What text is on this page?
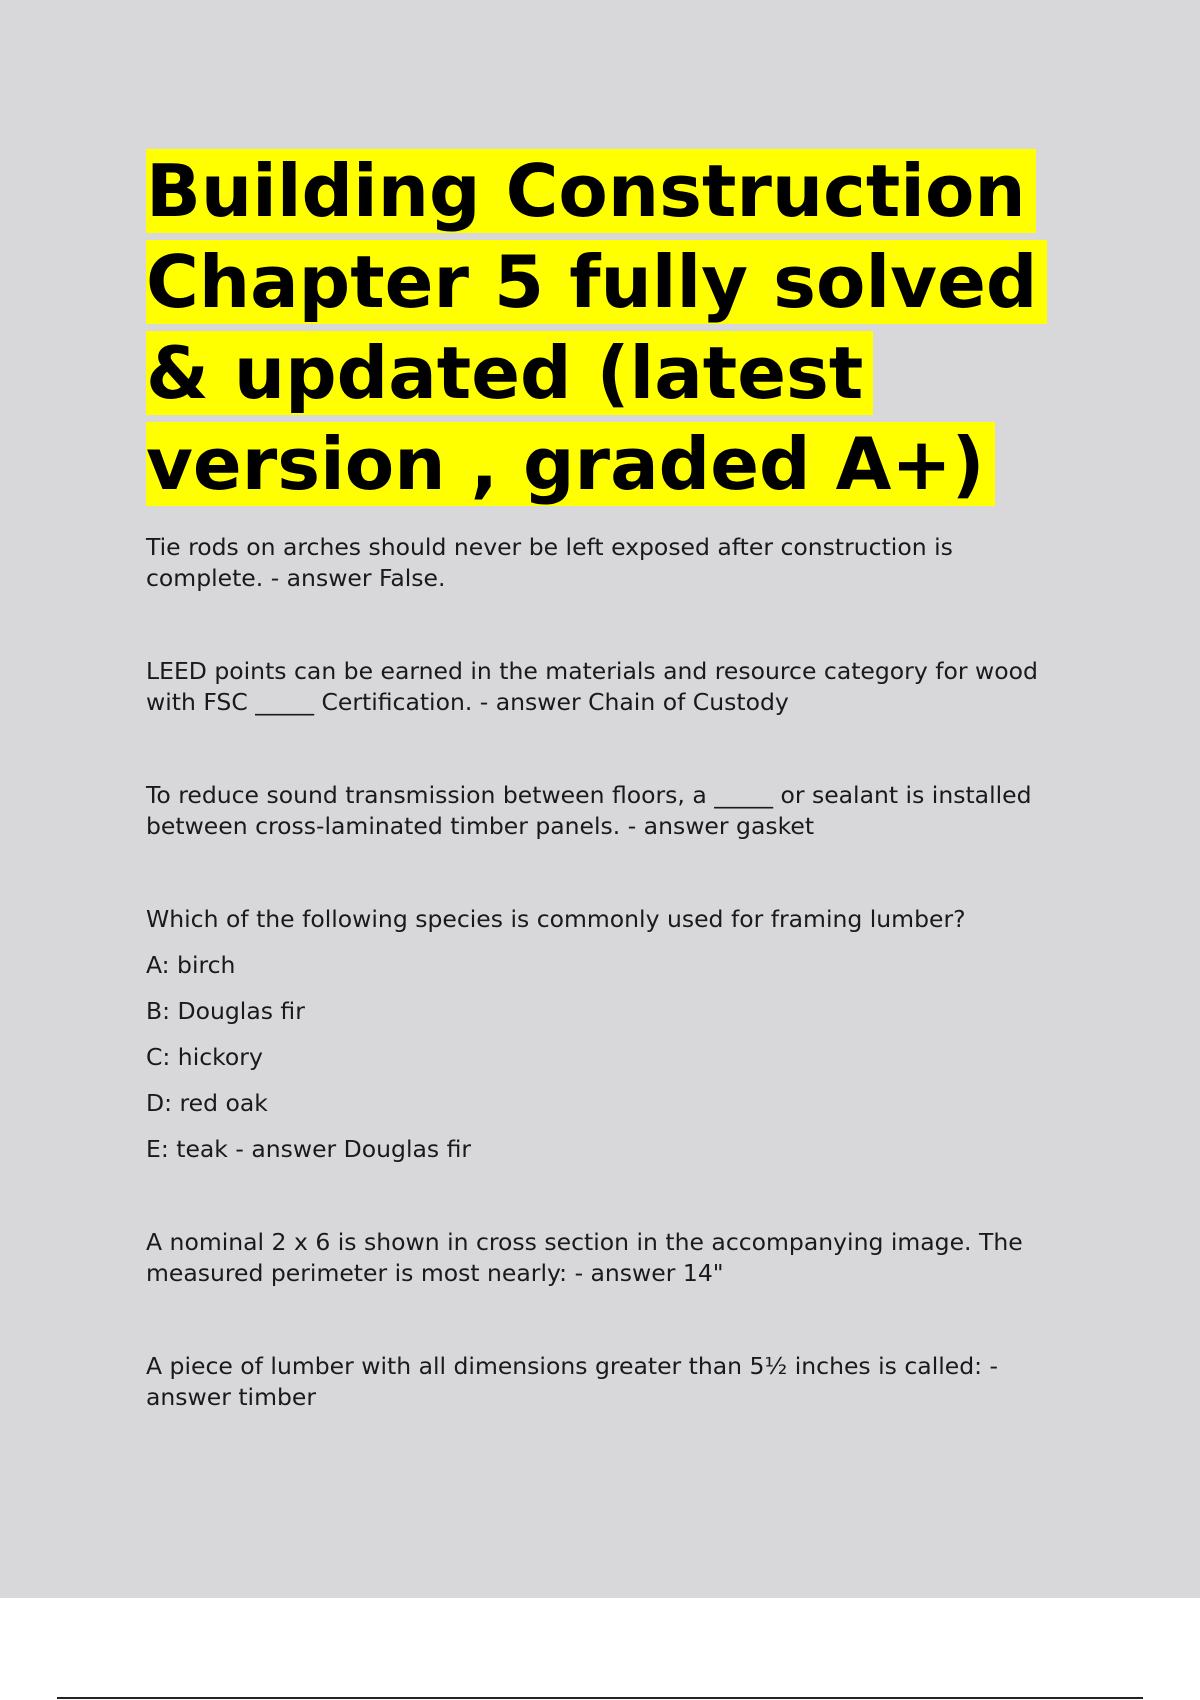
Building Construction Chapter 5 fully solved & updated (latest version , graded A+)

Tie rods on arches should never be left exposed after construction is complete. - answer False.

LEED points can be earned in the materials and resource category for wood with FSC _____ Certification. - answer Chain of Custody

To reduce sound transmission between floors, a _____ or sealant is installed between cross-laminated timber panels. - answer gasket

Which of the following species is commonly used for framing lumber?
A: birch
B: Douglas fir
C: hickory
D: red oak
E: teak - answer Douglas fir

A nominal 2 x 6 is shown in cross section in the accompanying image. The measured perimeter is most nearly: - answer 14"

A piece of lumber with all dimensions greater than 5½ inches is called: - answer timber
